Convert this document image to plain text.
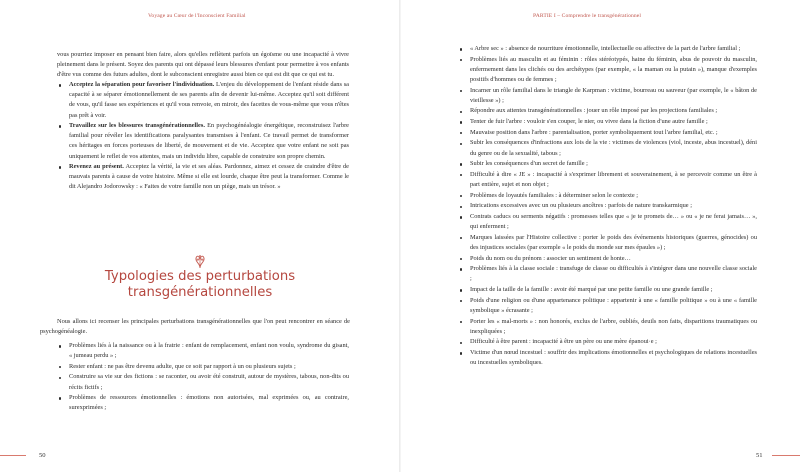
Voyage au Cœur de l'Inconscient Familial

vous pourriez imposer en pensant bien faire, alors qu'elles reflètent parfois un égoïsme ou une incapacité à vivre pleinement dans le présent. Soyez des parents qui ont dépassé leurs blessures d'enfant pour permettre à vos enfants d'être vus comme des futurs adultes, dont le subconscient enregistre aussi bien ce qui est dit que ce qui est tu.

Acceptez la séparation pour favoriser l'individuation. L'enjeu du développement de l'enfant réside dans sa capacité à se séparer émotionnellement de ses parents afin de devenir lui-même. Acceptez qu'il soit différent de vous, qu'il fasse ses expériences et qu'il vous renvoie, en miroir, des facettes de vous-même que vous n'êtes pas prêt à voir.
Travaillez sur les blessures transgénérationnelles. En psychogénéalogie énergétique, reconstruisez l'arbre familial pour révéler les identifications paralysantes transmises à l'enfant. Ce travail permet de transformer ces héritages en forces porteuses de liberté, de mouvement et de vie. Acceptez que votre enfant ne soit pas uniquement le reflet de vos attentes, mais un individu libre, capable de construire son propre chemin.
Revenez au présent. Acceptez la vérité, la vie et ses aléas. Pardonnez, aimez et cessez de craindre d'être de mauvais parents à cause de votre histoire. Même si elle est lourde, chaque être peut la transformer. Comme le dit Alejandro Jodorowsky : « Faites de votre famille non un piège, mais un trésor. »
Typologies des perturbations
transgénérationnelles

Nous allons ici recenser les principales perturbations transgénérationnelles que l'on peut rencontrer en séance de psychogénéalogie.

Problèmes liés à la naissance ou à la fratrie : enfant de remplacement, enfant non voulu, syndrome du gisant, « jumeau perdu » ;
Rester enfant : ne pas être devenu adulte, que ce soit par rapport à un ou plusieurs sujets ;
Construire sa vie sur des fictions : se raconter, ou avoir été construit, autour de mystères, tabous, non-dits ou récits fictifs ;
Problèmes de ressources émotionnelles : émotions non autorisées, mal exprimées ou, au contraire, surexprimées ;
50
PARTIE I – Comprendre le transgénérationnel
« Arbre sec » : absence de nourriture émotionnelle, intellectuelle ou affective de la part de l'arbre familial ;
Problèmes liés au masculin et au féminin : rôles stéréotypés, haine du féminin, abus de pouvoir du masculin, enfermement dans les clichés ou des archétypes (par exemple, « la maman ou la putain »), manque d'exemples positifs d'hommes ou de femmes ;
Incarner un rôle familial dans le triangle de Karpman : victime, bourreau ou sauveur (par exemple, le « bâton de vieillesse ») ;
Répondre aux attentes transgénérationnelles : jouer un rôle imposé par les projections familiales ;
Tenter de fuir l'arbre : vouloir s'en couper, le nier, ou vivre dans la fiction d'une autre famille ;
Mauvaise position dans l'arbre : parentalisation, porter symboliquement tout l'arbre familial, etc. ;
Subir les conséquences d'infractions aux lois de la vie : victimes de violences (viol, inceste, abus incestuel), déni du genre ou de la sexualité, tabous ;
Subir les conséquences d'un secret de famille ;
Difficulté à dire « JE » : incapacité à s'exprimer librement et souverainement, à se percevoir comme un être à part entière, sujet et non objet ;
Problèmes de loyautés familiales : à déterminer selon le contexte ;
Intrications excessives avec un ou plusieurs ancêtres : parfois de nature transkarmique ;
Contrats caducs ou serments négatifs : promesses telles que « je te promets de… » ou « je ne ferai jamais… », qui enferment ;
Marques laissées par l'Histoire collective : porter le poids des événements historiques (guerres, génocides) ou des injustices sociales (par exemple « le poids du monde sur mes épaules ») ;
Poids du nom ou du prénom : associer un sentiment de honte…
Problèmes liés à la classe sociale : transfuge de classe ou difficultés à s'intégrer dans une nouvelle classe sociale ;
Impact de la taille de la famille : avoir été marqué par une petite famille ou une grande famille ;
Poids d'une religion ou d'une appartenance politique : appartenir à une « famille politique » ou à une « famille symbolique » écrasante ;
Porter les « mal-morts » : non honorés, exclus de l'arbre, oubliés, deuils non faits, disparitions traumatiques ou inexpliquées ;
Difficulté à être parent : incapacité à être un père ou une mère épanoui·e ;
Victime d'un nœud incestuel : souffrir des implications émotionnelles et psychologiques de relations incestuelles ou incestuelles symboliques.
51
